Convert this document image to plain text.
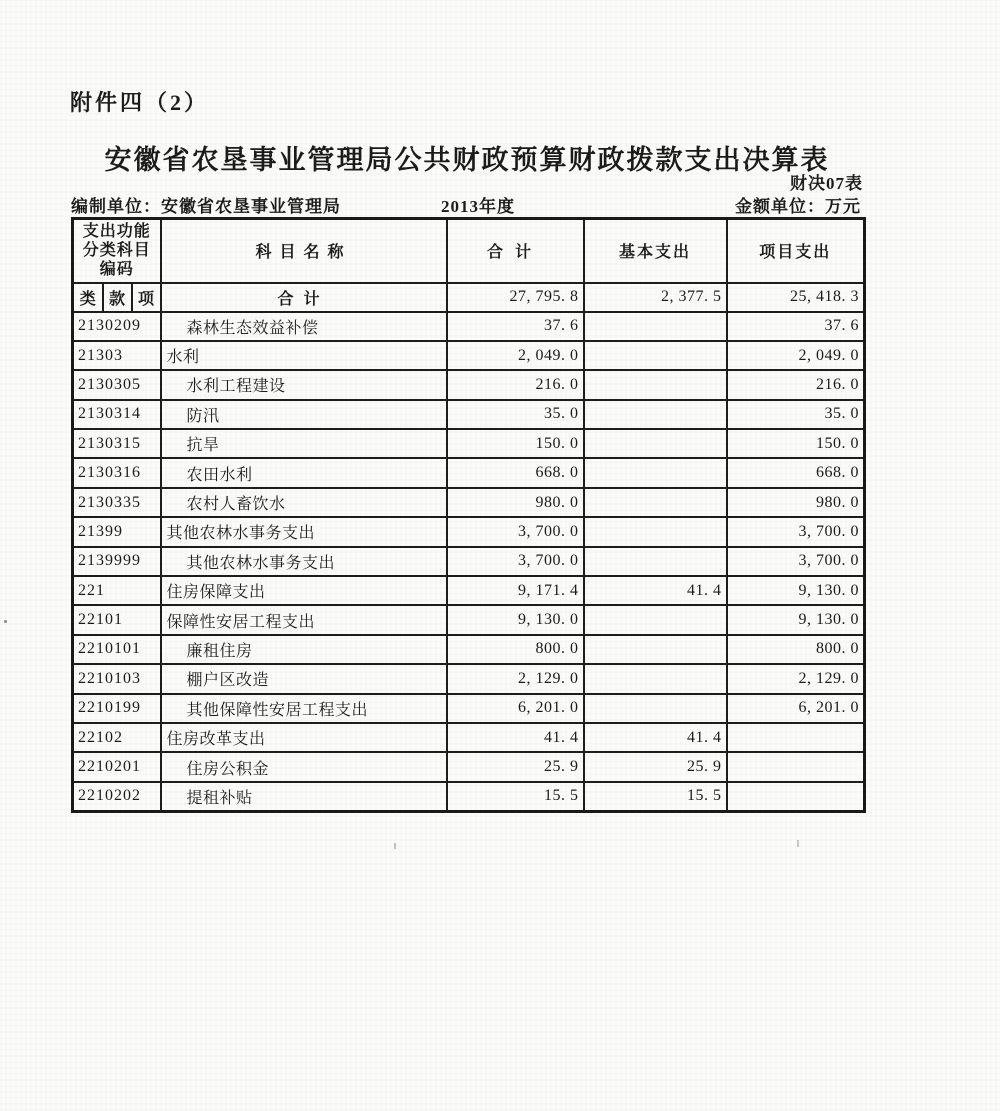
附件四（2）
安徽省农垦事业管理局公共财政预算财政拨款支出决算表
财决07表
编制单位：安徽省农垦事业管理局	2013年度	金额单位：万元
支出功能
分类科目
编码			科目名称	合计	基本支出	项目支出
类	款	项	合计	27, 795. 8	2, 377. 5	25, 418. 3
2130209			森林生态效益补偿	37. 6		37. 6
21303			水利	2, 049. 0		2, 049. 0
2130305			水利工程建设	216. 0		216. 0
2130314			防汛	35. 0		35. 0
2130315			抗旱	150. 0		150. 0
2130316			农田水利	668. 0		668. 0
2130335			农村人畜饮水	980. 0		980. 0
21399			其他农林水事务支出	3, 700. 0		3, 700. 0
2139999			其他农林水事务支出	3, 700. 0		3, 700. 0
221			住房保障支出	9, 171. 4	41. 4	9, 130. 0
22101			保障性安居工程支出	9, 130. 0		9, 130. 0
2210101			廉租住房	800. 0		800. 0
2210103			棚户区改造	2, 129. 0		2, 129. 0
2210199			其他保障性安居工程支出	6, 201. 0		6, 201. 0
22102			住房改革支出	41. 4	41. 4	
2210201			住房公积金	25. 9	25. 9	
2210202			提租补贴	15. 5	15. 5	
